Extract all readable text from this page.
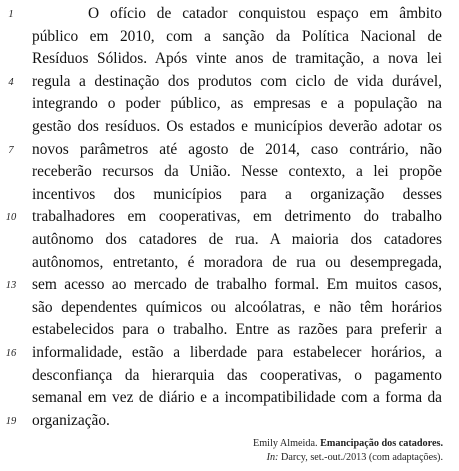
1	O ofício de catador conquistou espaço em âmbito
público em 2010, com a sanção da Política Nacional de
Resíduos Sólidos. Após vinte anos de tramitação, a nova lei
4	regula a destinação dos produtos com ciclo de vida durável,
integrando o poder público, as empresas e a população na
gestão dos resíduos. Os estados e municípios deverão adotar os
7	novos parâmetros até agosto de 2014, caso contrário, não
receberão recursos da União. Nesse contexto, a lei propõe
incentivos dos municípios para a organização desses
10	trabalhadores em cooperativas, em detrimento do trabalho
autônomo dos catadores de rua. A maioria dos catadores
autônomos, entretanto, é moradora de rua ou desempregada,
13	sem acesso ao mercado de trabalho formal. Em muitos casos,
são dependentes químicos ou alcoólatras, e não têm horários
estabelecidos para o trabalho. Entre as razões para preferir a
16	informalidade, estão a liberdade para estabelecer horários, a
desconfiança da hierarquia das cooperativas, o pagamento
semanal em vez de diário e a incompatibilidade com a forma da
19	organização.
Emily Almeida. Emancipação dos catadores.
In: Darcy, set.-out./2013 (com adaptações).
